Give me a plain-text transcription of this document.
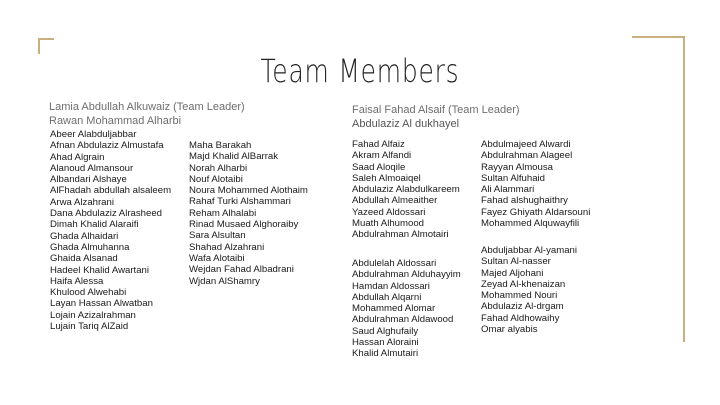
Team Members
Lamia Abdullah Alkuwaiz (Team Leader)
Rawan Mohammad Alharbi
Abeer Alabduljabbar
Afnan Abdulaziz Almustafa
Ahad Algrain
Alanoud Almansour
Albandari Alshaye
AlFhadah abdullah alsaleem
Arwa Alzahrani
Dana Abdulaziz Alrasheed
Dimah Khalid Alaraifi
Ghada Alhaidari
Ghada Almuhanna
Ghaida Alsanad
Hadeel Khalid Awartani
Haifa Alessa
Khulood Alwehabi
Layan Hassan Alwatban
Lojain Azizalrahman
Lujain Tariq AlZaid
Maha Barakah
Majd Khalid AlBarrak
Norah Alharbi
Nouf Alotaibi
Noura Mohammed Alothaim
Rahaf Turki Alshammari
Reham Alhalabi
Rinad Musaed Alghoraiby
Sara Alsultan
Shahad Alzahrani
Wafa Alotaibi
Wejdan Fahad Albadrani
Wjdan AlShamry
Faisal Fahad Alsaif (Team Leader)
Abdulaziz Al dukhayel
Fahad Alfaiz
Akram Alfandi
Saad Aloqile
Saleh Almoaiqel
Abdulaziz Alabdulkareem
Abdullah Almeaither
Yazeed Aldossari
Muath Alhumood
Abdulrahman Almotairi
Abdulelah Aldossari
Abdulrahman Alduhayyim
Hamdan Aldossari
Abdullah Alqarni
Mohammed Alomar
Abdulrahman Aldawood
Saud Alghufaily
Hassan Aloraini
Khalid Almutairi
Abdulmajeed Alwardi
Abdulrahman Alageel
Rayyan Almousa
Sultan Alfuhaid
Ali Alammari
Fahad alshughaithry
Fayez Ghiyath Aldarsouni
Mohammed Alquwayfili
Abduljabbar Al-yamani
Sultan Al-nasser
Majed Aljohani
Zeyad Al-khenaizan
Mohammed Nouri
Abdulaziz Al-drgam
Fahad Aldhowaihy
Omar alyabis
